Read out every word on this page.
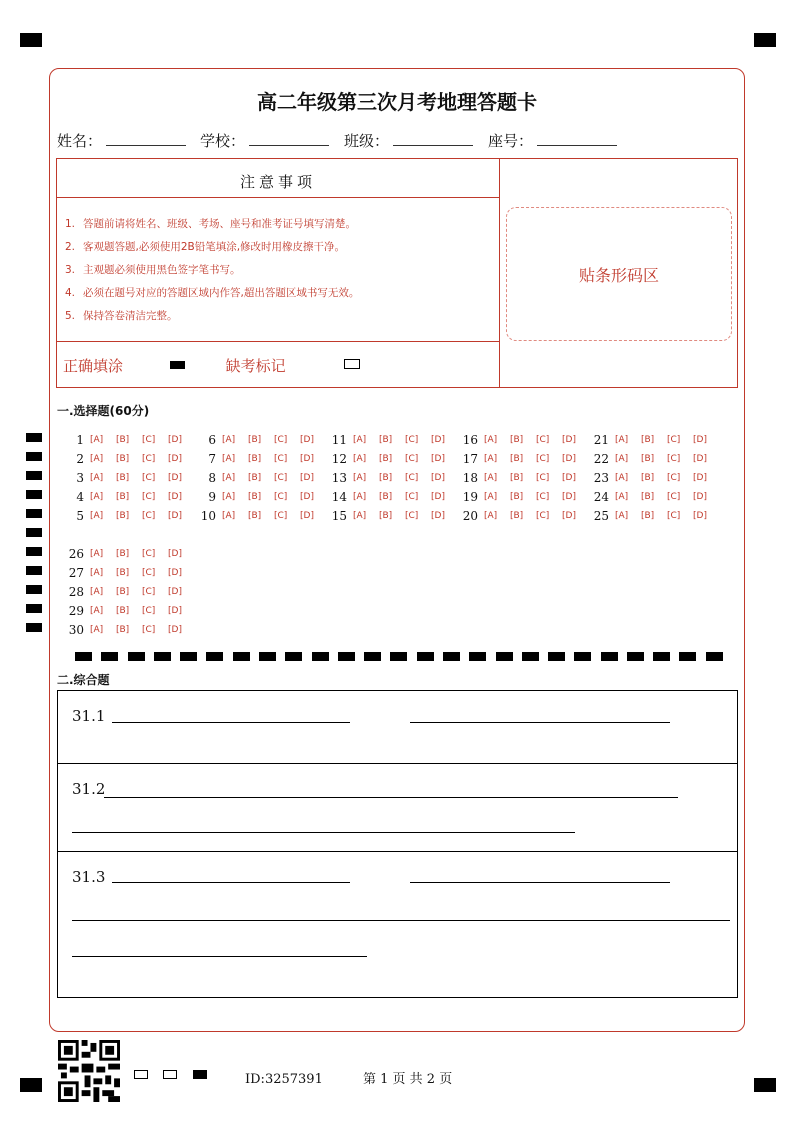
高二年级第三次月考地理答题卡
姓名：	学校：	班级：	座号：
注意事项
1. 答题前请将姓名、班级、考场、座号和准考证号填写清楚。
2. 客观题答题,必须使用2B铅笔填涂,修改时用橡皮擦干净。
3. 主观题必须使用黑色签字笔书写。
4. 必须在题号对应的答题区域内作答,超出答题区域书写无效。
5. 保持答卷清洁完整。
正确填涂	缺考标记
贴条形码区
一.选择题(60分)
1 [A]	[B]	[C]	[D]
2 [A]	[B]	[C]	[D]
3 [A]	[B]	[C]	[D]
4 [A]	[B]	[C]	[D]
5 [A]	[B]	[C]	[D]
6 [A]	[B]	[C]	[D]
7 [A]	[B]	[C]	[D]
8 [A]	[B]	[C]	[D]
9 [A]	[B]	[C]	[D]
10 [A]	[B]	[C]	[D]
11 [A]	[B]	[C]	[D]
12 [A]	[B]	[C]	[D]
13 [A]	[B]	[C]	[D]
14 [A]	[B]	[C]	[D]
15 [A]	[B]	[C]	[D]
16 [A]	[B]	[C]	[D]
17 [A]	[B]	[C]	[D]
18 [A]	[B]	[C]	[D]
19 [A]	[B]	[C]	[D]
20 [A]	[B]	[C]	[D]
21 [A]	[B]	[C]	[D]
22 [A]	[B]	[C]	[D]
23 [A]	[B]	[C]	[D]
24 [A]	[B]	[C]	[D]
25 [A]	[B]	[C]	[D]
26 [A]	[B]	[C]	[D]
27 [A]	[B]	[C]	[D]
28 [A]	[B]	[C]	[D]
29 [A]	[B]	[C]	[D]
30 [A]	[B]	[C]	[D]
二.综合题
31.1
31.2
31.3
ID:3257391	第 1 页 共 2 页
